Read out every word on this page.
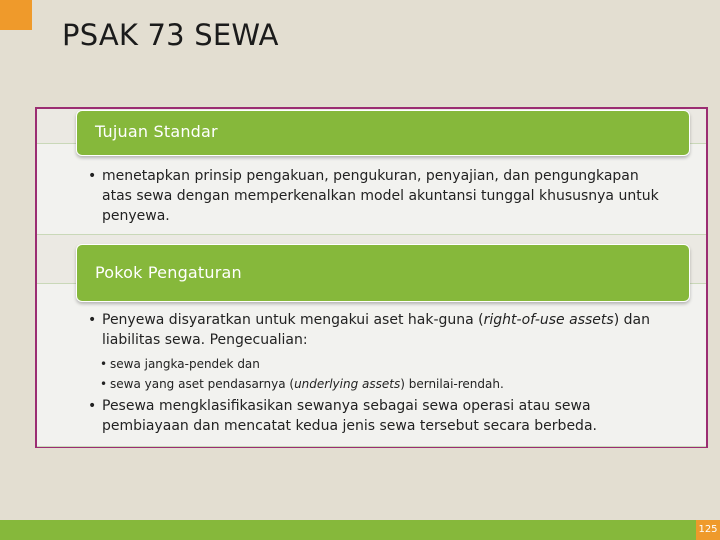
PSAK 73 SEWA
Tujuan Standar
• menetapkan prinsip pengakuan, pengukuran, penyajian, dan pengungkapan atas sewa dengan memperkenalkan model akuntansi tunggal khususnya untuk penyewa.
Pokok Pengaturan
• Penyewa disyaratkan untuk mengakui aset hak-guna (right-of-use assets) dan liabilitas sewa. Pengecualian:
• sewa jangka-pendek dan
• sewa yang aset pendasarnya (underlying assets) bernilai-rendah.
• Pesewa mengklasifikasikan sewanya sebagai sewa operasi atau sewa pembiayaan dan mencatat kedua jenis sewa tersebut secara berbeda.
125
